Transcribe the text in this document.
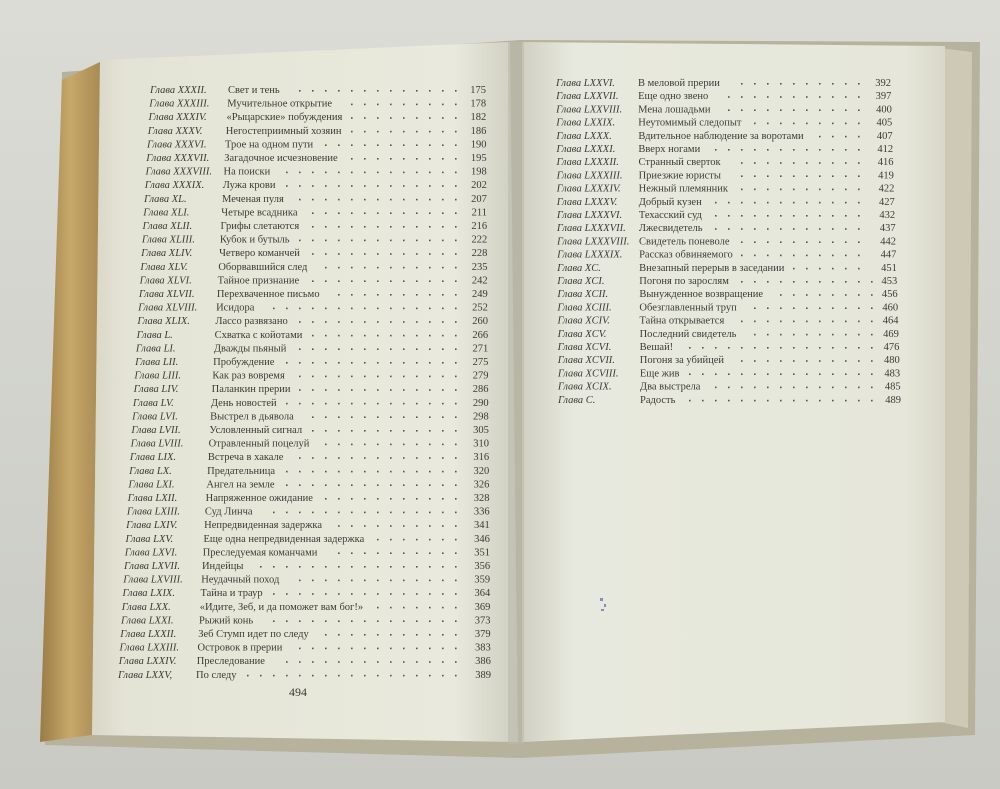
Глава XXXII. Свет и тень	175
Глава XXXIII. Мучительное открытие	178
Глава XXXIV. «Рыцарские» побуждения	182
Глава XXXV. Негостеприимный хозяин	186
Глава XXXVI. Трое на одном пути	190
Глава XXXVII. Загадочное исчезновение	195
Глава XXXVIII. На поиски	198
Глава XXXIX. Лужа крови	202
Глава XL.	Меченая пуля	207
Глава XLI.	Четыре всадника	211
Глава XLII.	Грифы слетаются	216
Глава XLIII. Кубок и бутыль	222
Глава XLIV.	Четверо команчей	228
Глава XLV.	Оборвавшийся след	235
Глава XLVI. Тайное признание	242
Глава XLVII. Перехваченное письмо	249
Глава XLVIII. Исидора	252
Глава XLIX. Лассо развязано	260
Глава L.	Схватка с койотами	266
Глава LI.	Дважды пьяный	271
Глава LII.	Пробуждение	275
Глава LIII.	Как раз вовремя	279
Глава LIV.	Паланкин прерии	286
Глава LV.	День новостей	290
Глава LVI.	Выстрел в дьявола	298
Глава LVII.	Условленный сигнал	305
Глава LVIII. Отравленный поцелуй	310
Глава LIX.	Встреча в хакале	316
Глава LX.	Предательница	320
Глава LXI.	Ангел на земле	326
Глава LXII.	Напряженное ожидание	328
Глава LXIII. Суд Линча	336
Глава LXIV.	Непредвиденная задержка	341
Глава LXV.	Еще одна непредвиденная задержка	346
Глава LXVI. Преследуемая команчами	351
Глава LXVII. Индейцы	356
Глава LXVIII. Неудачный поход	359
Глава LXIX. Тайна и траур	364
Глава LXX.	«Идите, Зеб, и да поможет вам бог!»	369
Глава LXXI. Рыжий конь	373
Глава LXXII. Зеб Стумп идет по следу	379
Глава LXXIII. Островок в прерии	383
Глава LXXIV. Преследование	386
Глава LXXV, По следу	389
Глава LXXVI. В меловой прерии	392
Глава LXXVII. Еще одно звено	397
Глава LXXVIII. Мена лошадьми	400
Глава LXXIX. Неутомимый следопыт	405
Глава LXXX.	Вдительное наблюдение за воротами	407
Глава LXXXI. Вверх ногами	412
Глава LXXXII. Странный сверток	416
Глава LXXXIII. Приезжие юристы	419
Глава LXXXIV. Нежный племянник	422
Глава LXXXV. Добрый кузен	427
Глава LXXXVI. Техасский суд	432
Глава LXXXVII. Лжесвидетель	437
Глава LXXXVIII. Свидетель поневоле	442
Глава LXXXIX. Рассказ обвиняемого	447
Глава XC.	Внезапный перерыв в заседании	451
Глава XCI.	Погоня по зарослям	453
Глава XCII.	Вынужденное возвращение	456
Глава XCIII.	Обезглавленный труп	460
Глава XCIV.	Тайна открывается	464
Глава XCV.	Последний свидетель	469
Глава XCVI.	Вешай!	476
Глава XCVII. Погоня за убийцей	480
Глава XCVIII. Еще жив	483
Глава XCIX.	Два выстрела	485
Глава C.	Радость	489
494
